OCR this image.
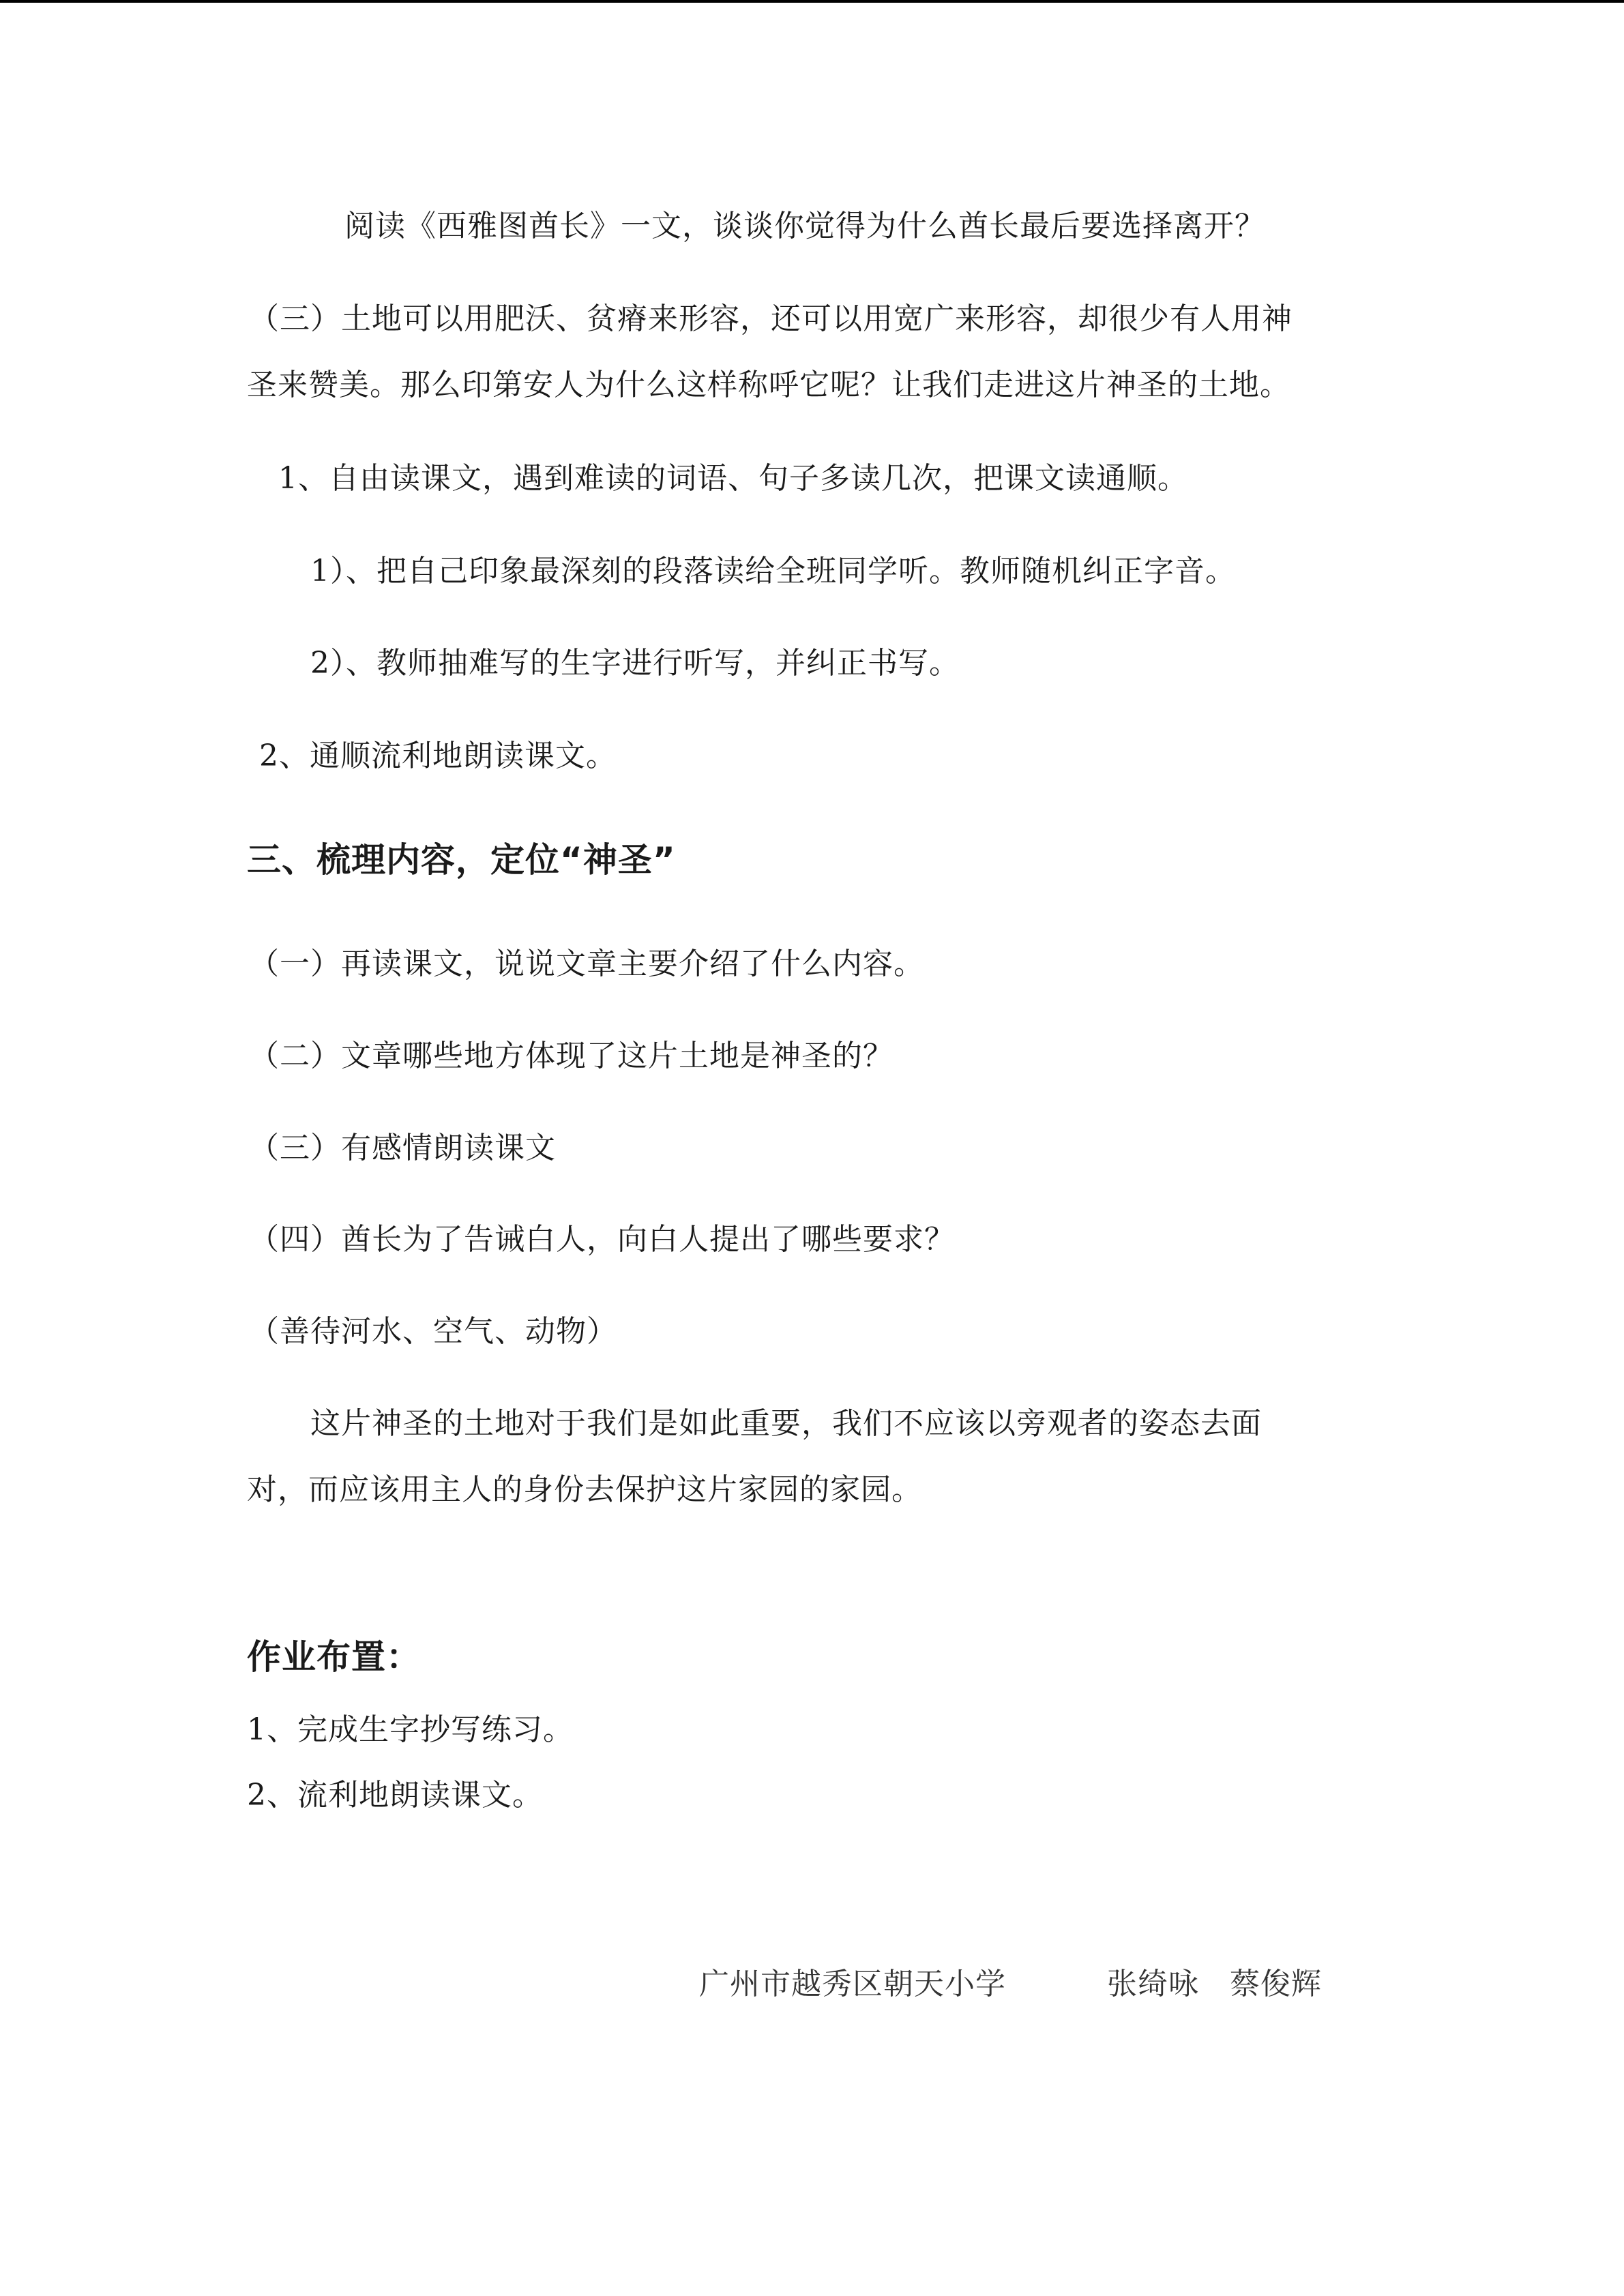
阅读《西雅图酋长》一文，谈谈你觉得为什么酋长最后要选择离开？
（三）土地可以用肥沃、贫瘠来形容，还可以用宽广来形容，却很少有人用神
圣来赞美。那么印第安人为什么这样称呼它呢？让我们走进这片神圣的土地。
1、自由读课文，遇到难读的词语、句子多读几次，把课文读通顺。
1）、把自己印象最深刻的段落读给全班同学听。教师随机纠正字音。
2）、教师抽难写的生字进行听写，并纠正书写。
2、通顺流利地朗读课文。
三、梳理内容，定位“神圣”
（一）再读课文，说说文章主要介绍了什么内容。
（二）文章哪些地方体现了这片土地是神圣的？
（三）有感情朗读课文
（四）酋长为了告诫白人，向白人提出了哪些要求？
（善待河水、空气、动物）
这片神圣的土地对于我们是如此重要，我们不应该以旁观者的姿态去面
对，而应该用主人的身份去保护这片家园的家园。
作业布置：
1、完成生字抄写练习。
2、流利地朗读课文。
广州市越秀区朝天小学	张绮咏　蔡俊辉
